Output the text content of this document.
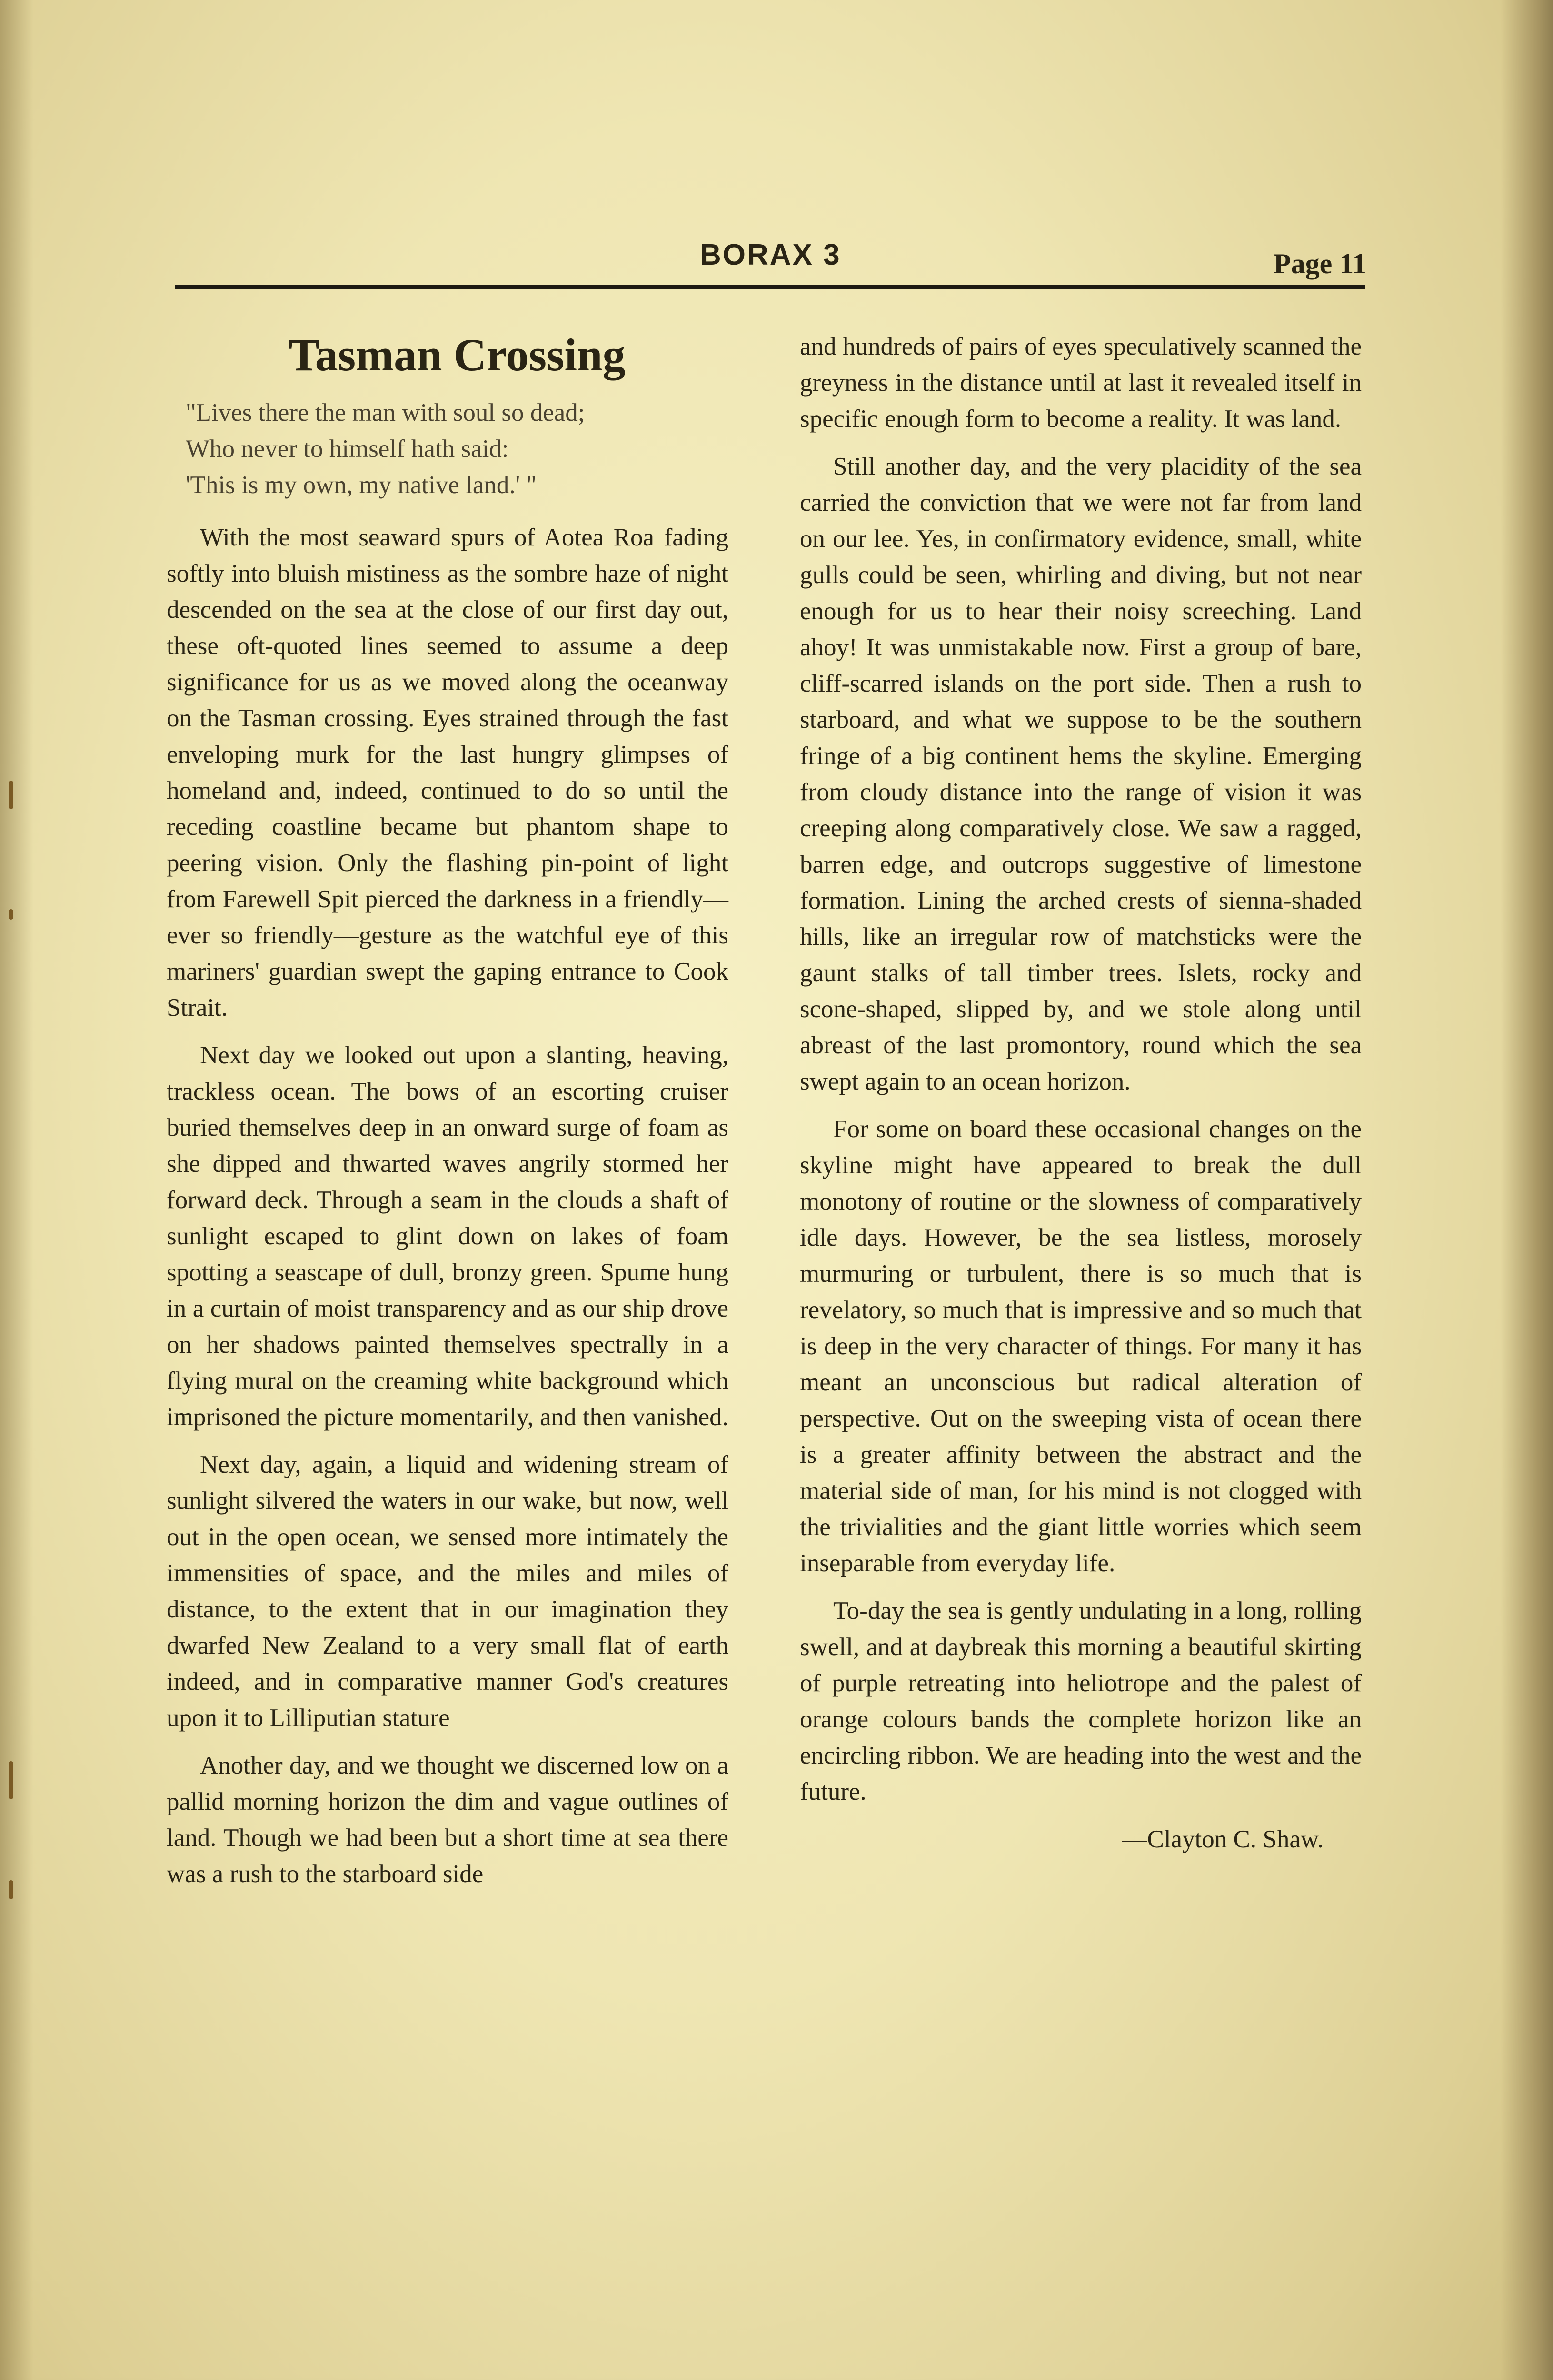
BORAX 3	Page 11
Tasman Crossing
"Lives there the man with soul so dead;
Who never to himself hath said:
'This is my own, my native land.' "

With the most seaward spurs of Aotea Roa fading softly into bluish mistiness as the sombre haze of night descended on the sea at the close of our first day out, these oft-quoted lines seemed to assume a deep significance for us as we moved along the oceanway on the Tasman crossing. Eyes strained through the fast enveloping murk for the last hungry glimpses of homeland and, indeed, continued to do so until the receding coastline became but phantom shape to peering vision. Only the flashing pin-point of light from Farewell Spit pierced the darkness in a friendly—ever so friendly—gesture as the watchful eye of this mariners' guardian swept the gaping entrance to Cook Strait.

Next day we looked out upon a slanting, heaving, trackless ocean. The bows of an escorting cruiser buried themselves deep in an onward surge of foam as she dipped and thwarted waves angrily stormed her forward deck. Through a seam in the clouds a shaft of sunlight escaped to glint down on lakes of foam spotting a seascape of dull, bronzy green. Spume hung in a curtain of moist transparency and as our ship drove on her shadows painted themselves spectrally in a flying mural on the creaming white background which imprisoned the picture momentarily, and then vanished.

Next day, again, a liquid and widening stream of sunlight silvered the waters in our wake, but now, well out in the open ocean, we sensed more intimately the immensities of space, and the miles and miles of distance, to the extent that in our imagination they dwarfed New Zealand to a very small flat of earth indeed, and in comparative manner God's creatures upon it to Lilliputian stature

Another day, and we thought we discerned low on a pallid morning horizon the dim and vague outlines of land. Though we had been but a short time at sea there was a rush to the starboard side

and hundreds of pairs of eyes speculatively scanned the greyness in the distance until at last it revealed itself in specific enough form to become a reality. It was land.

Still another day, and the very placidity of the sea carried the conviction that we were not far from land on our lee. Yes, in confirmatory evidence, small, white gulls could be seen, whirling and diving, but not near enough for us to hear their noisy screeching. Land ahoy! It was unmistakable now. First a group of bare, cliff-scarred islands on the port side. Then a rush to starboard, and what we suppose to be the southern fringe of a big continent hems the skyline. Emerging from cloudy distance into the range of vision it was creeping along comparatively close. We saw a ragged, barren edge, and outcrops suggestive of limestone formation. Lining the arched crests of sienna-shaded hills, like an irregular row of matchsticks were the gaunt stalks of tall timber trees. Islets, rocky and scone-shaped, slipped by, and we stole along until abreast of the last promontory, round which the sea swept again to an ocean horizon.

For some on board these occasional changes on the skyline might have appeared to break the dull monotony of routine or the slowness of comparatively idle days. However, be the sea listless, morosely murmuring or turbulent, there is so much that is revelatory, so much that is impressive and so much that is deep in the very character of things. For many it has meant an unconscious but radical alteration of perspective. Out on the sweeping vista of ocean there is a greater affinity between the abstract and the material side of man, for his mind is not clogged with the trivialities and the giant little worries which seem inseparable from everyday life.

To-day the sea is gently undulating in a long, rolling swell, and at daybreak this morning a beautiful skirting of purple retreating into heliotrope and the palest of orange colours bands the complete horizon like an encircling ribbon. We are heading into the west and the future.

—Clayton C. Shaw.
